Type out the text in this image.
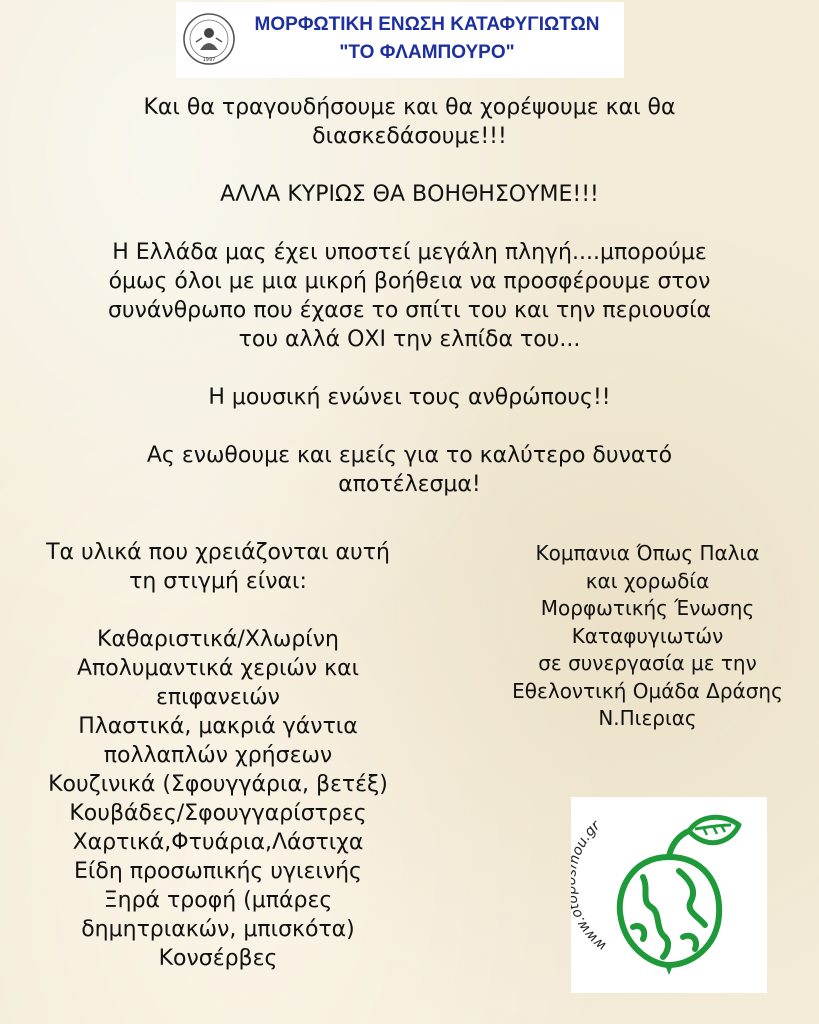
1997
ΜΟΡΦΩΤΙΚΗ ΕΝΩΣΗ ΚΑΤΑΦΥΓΙΩΤΩΝ
"ΤΟ ΦΛΑΜΠΟΥΡΟ"

Και θα τραγουδήσουμε και θα χορέψουμε και θα
διασκεδάσουμε!!!

ΑΛΛΑ ΚΥΡΙΩΣ ΘΑ ΒΟΗΘΗΣΟΥΜΕ!!!

Η Ελλάδα μας έχει υποστεί μεγάλη πληγή....μπορούμε
όμως όλοι με μια μικρή βοήθεια να προσφέρουμε στον
συνάνθρωπο που έχασε το σπίτι του και την περιουσία
του αλλά ΟΧΙ την ελπίδα του...

Η μουσική ενώνει τους ανθρώπους!!

Ας ενωθουμε και εμείς για το καλύτερο δυνατό
αποτέλεσμα!

Τα υλικά που χρειάζονται αυτή
τη στιγμή είναι:
Καθαριστικά/Χλωρίνη
Απολυμαντικά χεριών και
επιφανειών
Πλαστικά, μακριά γάντια
πολλαπλών χρήσεων
Κουζινικά (Σφουγγάρια, βετέξ)
Κουβάδες/Σφουγγαρίστρες
Χαρτικά,Φτυάρια,Λάστιχα
Είδη προσωπικής υγιεινής
Ξηρά τροφή (μπάρες
δημητριακών, μπισκότα)
Κονσέρβες
Κομπανια Όπως Παλια
και χορωδία
Μορφωτικής Ένωσης
Καταφυγιωτών
σε συνεργασία με την
Εθελοντική Ομάδα Δράσης
Ν.Πιεριας
www. u.gr
